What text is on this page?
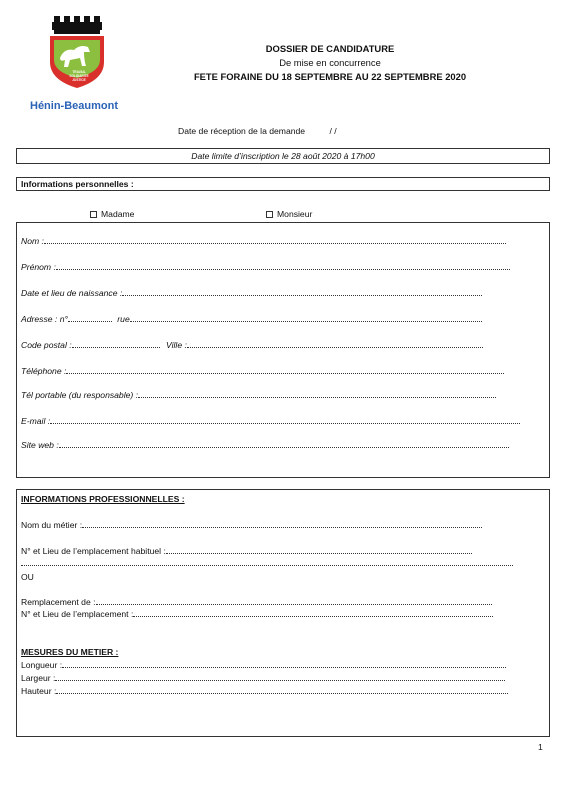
TRAVAIL
SOLIDARITE
JUSTICE
Hénin-Beaumont
DOSSIER DE CANDIDATURE
De mise en concurrence
FETE FORAINE DU 18 SEPTEMBRE AU 22 SEPTEMBRE 2020
Date de réception de la demande	/ /
Date limite d’inscription le 28 août 2020 à 17h00
Informations personnelles :
Madame	Monsieur
Nom :
Prénom :
Date et lieu de naissance :
Adresse : n°	rue
Code postal :	Ville :
Téléphone :
Tél portable (du responsable) :
E-mail :
Site web :
INFORMATIONS PROFESSIONNELLES :
Nom du métier :
N° et Lieu de l’emplacement habituel :
OU
Remplacement de :
N° et Lieu de l’emplacement :
MESURES DU METIER :
Longueur :
Largeur :
Hauteur :
1
